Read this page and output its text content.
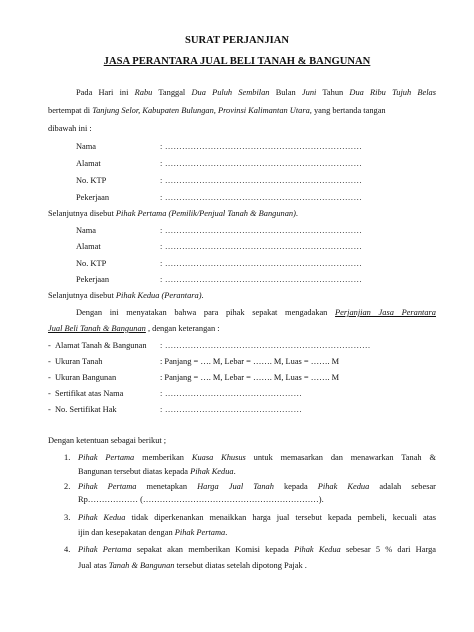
SURAT PERJANJIAN
JASA PERANTARA JUAL BELI TANAH & BANGUNAN
Pada Hari ini Rabu Tanggal Dua Puluh Sembilan Bulan Juni Tahun Dua Ribu Tujuh Belas
bertempat di Tanjung Selor, Kabupaten Bulungan, Provinsi Kalimantan Utara, yang bertanda tangan
dibawah ini :
Nama	: ……………………………………………………………
Alamat	: ……………………………………………………………
No. KTP	: ……………………………………………………………
Pekerjaan	: ……………………………………………………………
Selanjutnya disebut Pihak Pertama (Pemilik/Penjual Tanah & Bangunan).
Nama	: ……………………………………………………………
Alamat	: ……………………………………………………………
No. KTP	: ……………………………………………………………
Pekerjaan	: ……………………………………………………………
Selanjutnya disebut Pihak Kedua (Perantara).
Dengan ini menyatakan bahwa para pihak sepakat mengadakan Perjanjian Jasa Perantara
Jual Beli Tanah & Bangunan , dengan keterangan :
-  Alamat Tanah & Bangunan : ………………………………………………………………
-  Ukuran Tanah	: Panjang = …. M, Lebar = ……. M, Luas = ……. M
-  Ukuran Bangunan	: Panjang = …. M, Lebar = ……. M, Luas = ……. M
-  Sertifikat atas Nama	: …………………………………………
-  No. Sertifikat Hak	: …………………………………………
Dengan ketentuan sebagai berikut ;
1. Pihak Pertama memberikan Kuasa Khusus untuk memasarkan dan menawarkan Tanah &
Bangunan tersebut diatas kepada Pihak Kedua.
2. Pihak Pertama menetapkan Harga Jual Tanah kepada Pihak Kedua adalah sebesar
Rp……………… (………………………………………………………).
3. Pihak Kedua tidak diperkenankan menaikkan harga jual tersebut kepada pembeli, kecuali atas
ijin dan kesepakatan dengan Pihak Pertama.
4. Pihak Pertama sepakat akan memberikan Komisi kepada Pihak Kedua sebesar 5 % dari Harga
Jual atas Tanah & Bangunan tersebut diatas setelah dipotong Pajak .
